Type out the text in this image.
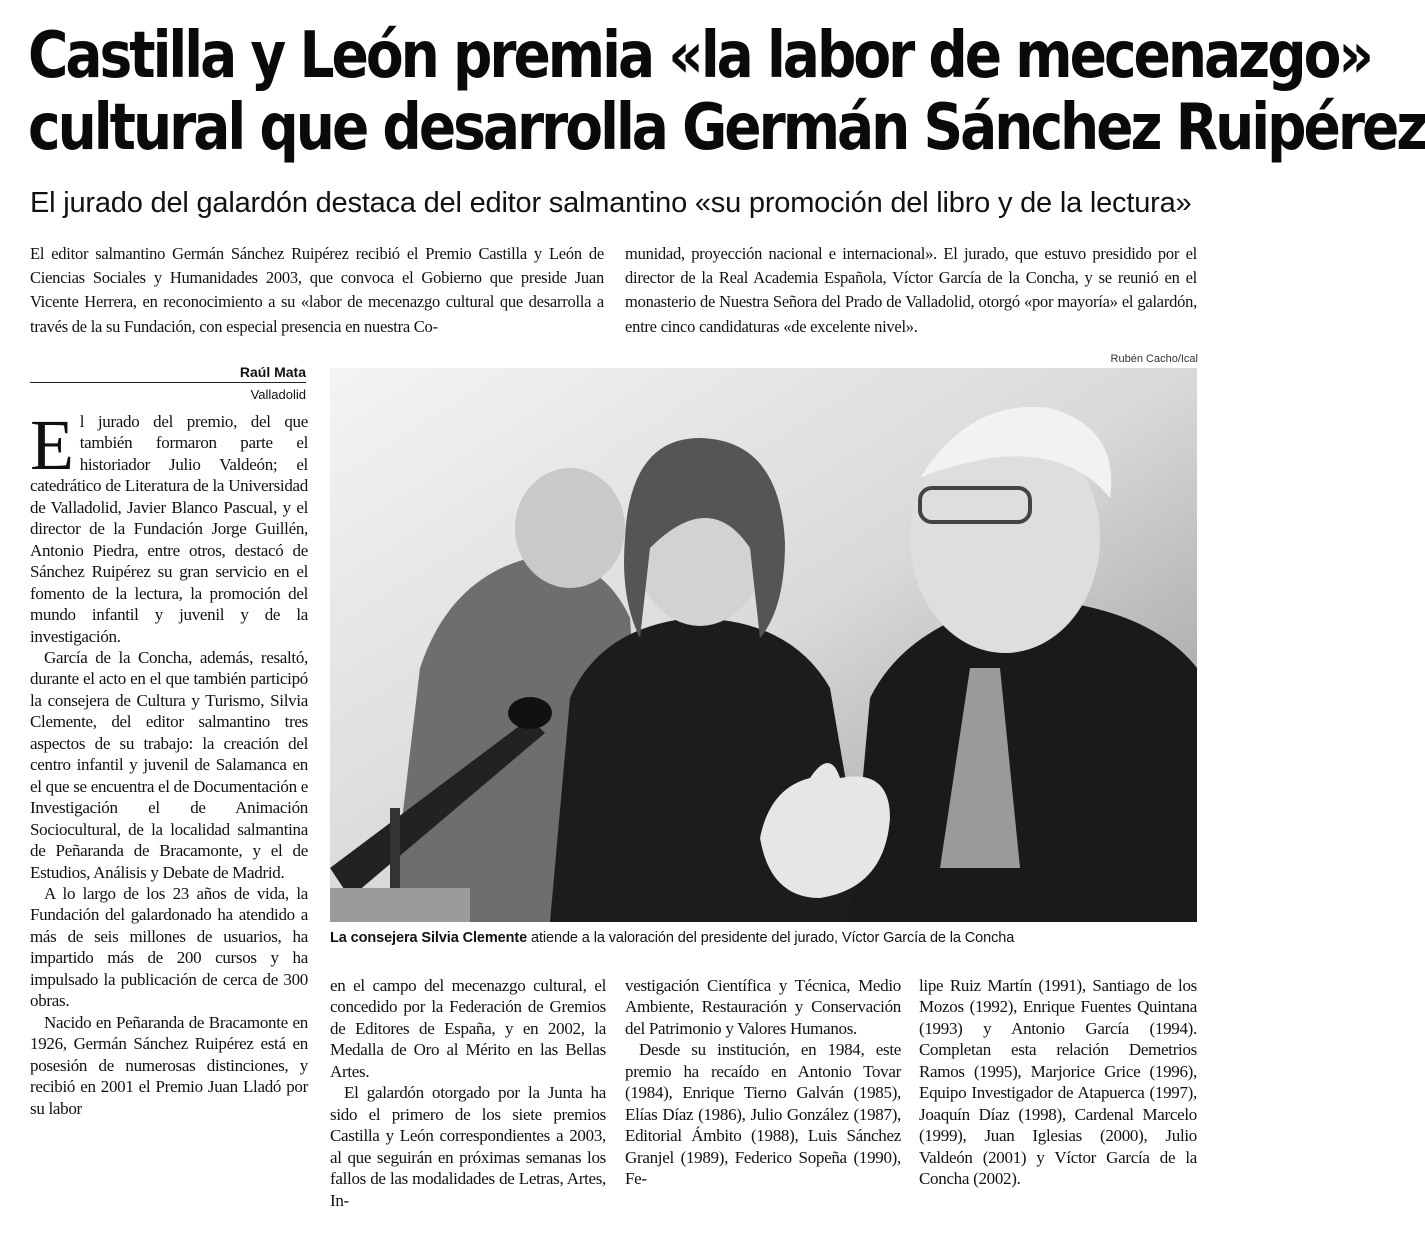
Castilla y León premia «la labor de mecenazgo»
cultural que desarrolla Germán Sánchez Ruipérez
El jurado del galardón destaca del editor salmantino «su promoción del libro y de la lectura»
El editor salmantino Germán Sánchez Ruipérez recibió el Premio Castilla y León de Ciencias Sociales y Humanidades 2003, que convoca el Gobierno que preside Juan Vicente Herrera, en reconocimiento a su «labor de mecenazgo cultural que desarrolla a través de la su Fundación, con especial presencia en nuestra Co-
munidad, proyección nacional e internacional». El jurado, que estuvo presidido por el director de la Real Academia Española, Víctor García de la Concha, y se reunió en el monasterio de Nuestra Señora del Prado de Valladolid, otorgó «por mayoría» el galardón, entre cinco candidaturas «de excelente nivel».
Rubén Cacho/Ical
Raúl Mata
Valladolid

El jurado del premio, del que también formaron parte el historiador Julio Valdeón; el catedrático de Literatura de la Universidad de Valladolid, Javier Blanco Pascual, y el director de la Fundación Jorge Guillén, Antonio Piedra, entre otros, destacó de Sánchez Ruipérez su gran servicio en el fomento de la lectura, la promoción del mundo infantil y juvenil y de la investigación.

García de la Concha, además, resaltó, durante el acto en el que también participó la consejera de Cultura y Turismo, Silvia Clemente, del editor salmantino tres aspectos de su trabajo: la creación del centro infantil y juvenil de Salamanca en el que se encuentra el de Documentación e Investigación el de Animación Sociocultural, de la localidad salmantina de Peñaranda de Bracamonte, y el de Estudios, Análisis y Debate de Madrid.

A lo largo de los 23 años de vida, la Fundación del galardonado ha atendido a más de seis millones de usuarios, ha impartido más de 200 cursos y ha impulsado la publicación de cerca de 300 obras.

Nacido en Peñaranda de Bracamonte en 1926, Germán Sánchez Ruipérez está en posesión de numerosas distinciones, y recibió en 2001 el Premio Juan Lladó por su labor

La consejera Silvia Clemente atiende a la valoración del presidente del jurado, Víctor García de la Concha

en el campo del mecenazgo cultural, el concedido por la Federación de Gremios de Editores de España, y en 2002, la Medalla de Oro al Mérito en las Bellas Artes.

El galardón otorgado por la Junta ha sido el primero de los siete premios Castilla y León correspondientes a 2003, al que seguirán en próximas semanas los fallos de las modalidades de Letras, Artes, In-

vestigación Científica y Técnica, Medio Ambiente, Restauración y Conservación del Patrimonio y Valores Humanos.

Desde su institución, en 1984, este premio ha recaído en Antonio Tovar (1984), Enrique Tierno Galván (1985), Elías Díaz (1986), Julio González (1987), Editorial Ámbito (1988), Luis Sánchez Granjel (1989), Federico Sopeña (1990), Fe-

lipe Ruiz Martín (1991), Santiago de los Mozos (1992), Enrique Fuentes Quintana (1993) y Antonio García (1994). Completan esta relación Demetrios Ramos (1995), Marjorice Grice (1996), Equipo Investigador de Atapuerca (1997), Joaquín Díaz (1998), Cardenal Marcelo (1999), Juan Iglesias (2000), Julio Valdeón (2001) y Víctor García de la Concha (2002).
